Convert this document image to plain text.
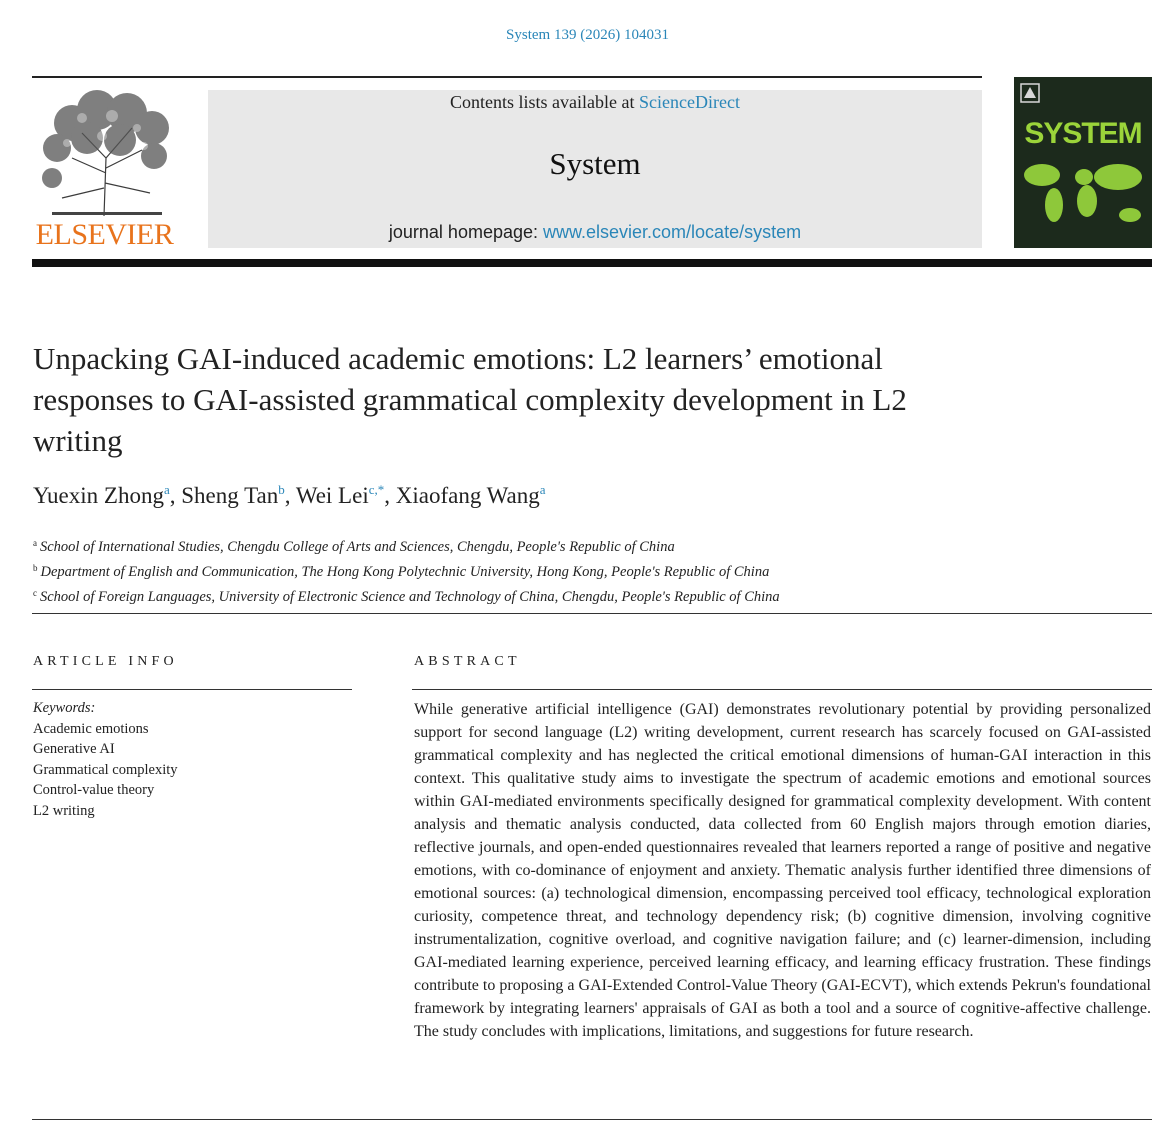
System 139 (2026) 104031
ELSEVIER
Contents lists available at ScienceDirect
System
journal homepage: www.elsevier.com/locate/system
SYSTEM
Unpacking GAI-induced academic emotions: L2 learners’ emotional responses to GAI-assisted grammatical complexity development in L2 writing
Yuexin Zhong$^a$, Sheng Tan$^b$, Wei Lei$^{c,*}$, Xiaofang Wang$^a$
$^a$ School of International Studies, Chengdu College of Arts and Sciences, Chengdu, People's Republic of China
$^b$ Department of English and Communication, The Hong Kong Polytechnic University, Hong Kong, People's Republic of China
$^c$ School of Foreign Languages, University of Electronic Science and Technology of China, Chengdu, People's Republic of China
ARTICLE INFO	ABSTRACT
Keywords:
Academic emotions
Generative AI
Grammatical complexity
Control-value theory
L2 writing

While generative artificial intelligence (GAI) demonstrates revolutionary potential by providing personalized support for second language (L2) writing development, current research has scarcely focused on GAI-assisted grammatical complexity and has neglected the critical emotional dimensions of human-GAI interaction in this context. This qualitative study aims to investigate the spectrum of academic emotions and emotional sources within GAI-mediated environments specifically designed for grammatical complexity development. With content analysis and thematic analysis conducted, data collected from 60 English majors through emotion diaries, reflective journals, and open-ended questionnaires revealed that learners reported a range of positive and negative emotions, with co-dominance of enjoyment and anxiety. Thematic analysis further identified three dimensions of emotional sources: (a) technological dimension, encompassing perceived tool efficacy, technological exploration curiosity, competence threat, and technology dependency risk; (b) cognitive dimension, involving cognitive instrumentalization, cognitive overload, and cognitive navigation failure; and (c) learner-dimension, including GAI-mediated learning experience, perceived learning efficacy, and learning efficacy frustration. These findings contribute to proposing a GAI-Extended Control-Value Theory (GAI-ECVT), which extends Pekrun's foundational framework by integrating learners' appraisals of GAI as both a tool and a source of cognitive-affective challenge. The study concludes with implications, limitations, and suggestions for future research.
